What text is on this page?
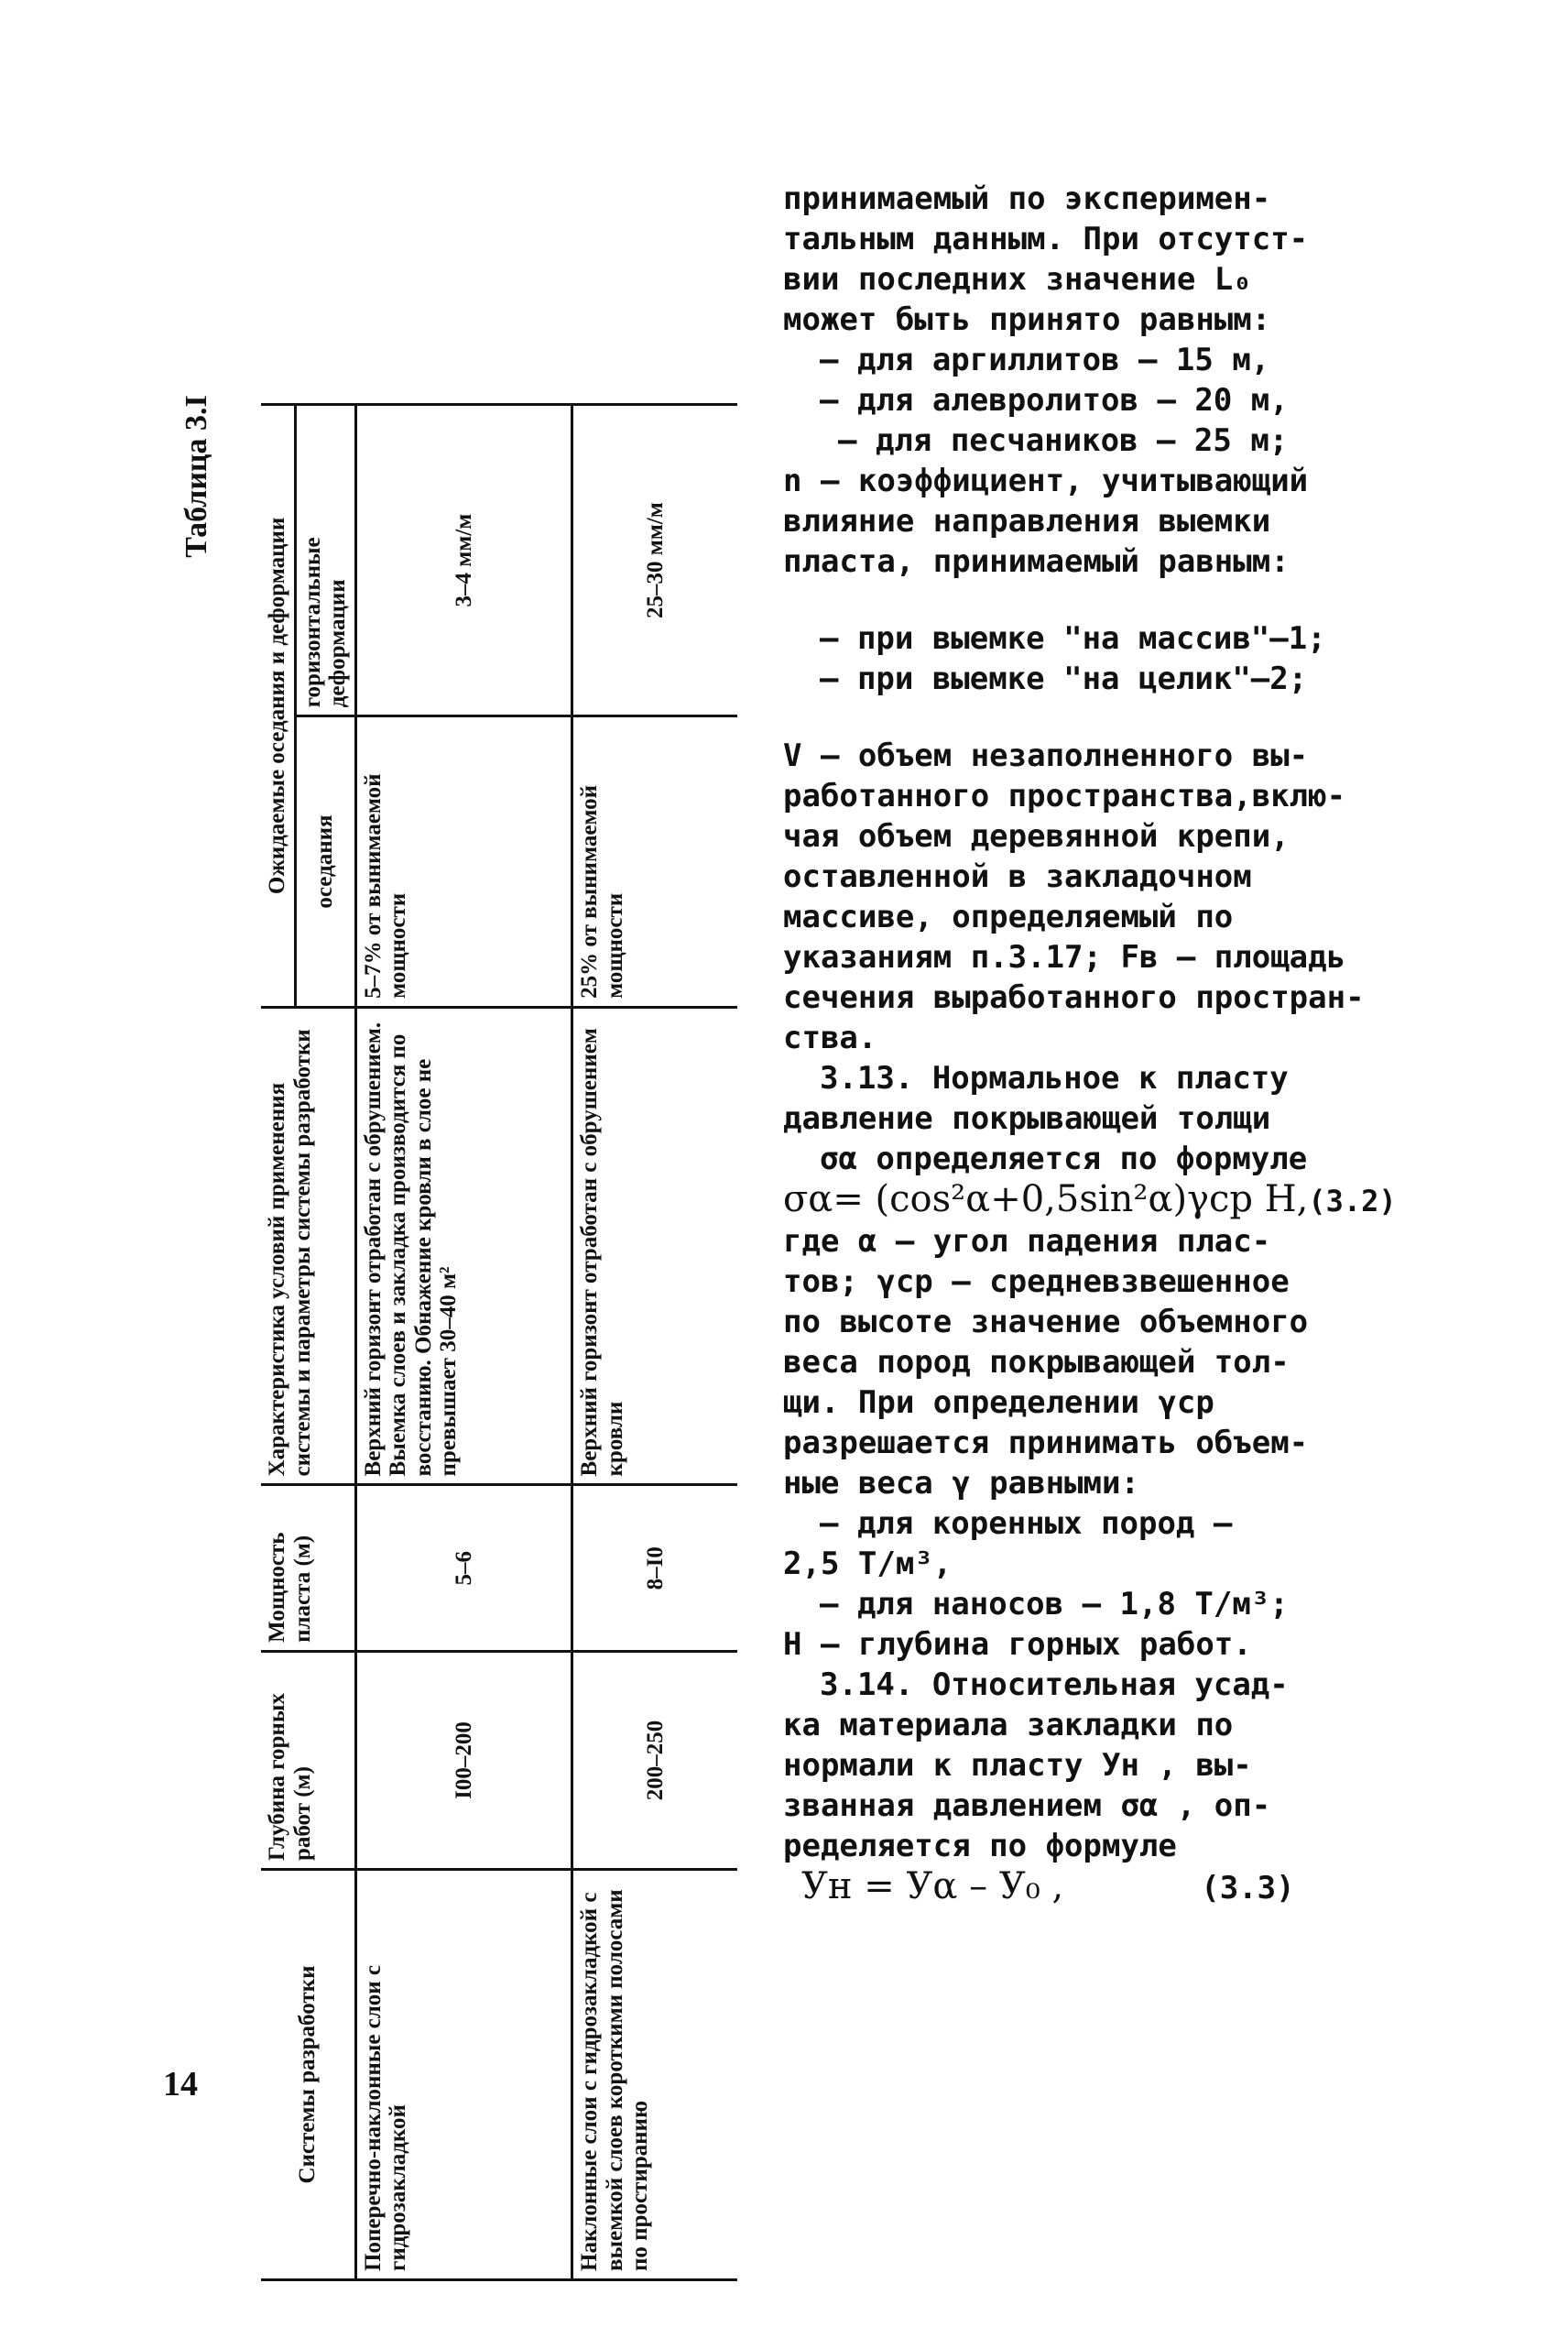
Таблица 3.I
Системы разработки	Глубина горных работ (м)	Мощность пласта (м)	Характеристика условий применения системы и параметры системы разработки	Ожидаемые оседания и деформации	
				оседания	горизонтальные деформации
Поперечно-наклонные слои с гидрозакладкой	I00–200	5–6	Верхний горизонт отработан с обрушением. Выемка слоев и закладка производится по восстанию. Обнажение кровли в слое не превышает 30–40 м²	5–7% от вынимаемой мощности	3–4 мм/м
Наклонные слои с гидрозакладкой с выемкой слоев короткими полосами по простиранию	200–250	8–I0	Верхний горизонт отработан с обрушением кровли	25% от вынимаемой мощности	25–30 мм/м

принимаемый по эксперимен-

тальным данным. При отсутст-

вии последних значение L₀

может быть принято равным:

– для аргиллитов – 15 м,

– для алевролитов – 20 м,

– для песчаников – 25 м;

n – коэффициент, учитывающий

влияние направления выемки

пласта, принимаемый равным:

– при выемке "на массив"–1;

– при выемке "на целик"–2;

V – объем незаполненного вы-

работанного пространства,вклю-

чая объем деревянной крепи,

оставленной в закладочном

массиве, определяемый по

указаниям п.3.17; Fв – площадь

сечения выработанного простран-

ства.

3.13. Нормальное к пласту

давление покрывающей толщи

σα определяется по формуле

σα= (cos²α+0,5sin²α)γср H,(3.2)

где α – угол падения плас-

тов; γср – средневзвешенное

по высоте значение объемного

веса пород покрывающей тол-

щи. При определении γср

разрешается принимать объем-

ные веса γ равными:

– для коренных пород –

2,5 Т/м³,

– для наносов – 1,8 Т/м³;

Н – глубина горных работ.

3.14. Относительная усад-

ка материала закладки по

нормали к пласту Ун , вы-

званная давлением σα , оп-

ределяется по формуле

Ун = Уα – У₀ ,	(3.3)

14
